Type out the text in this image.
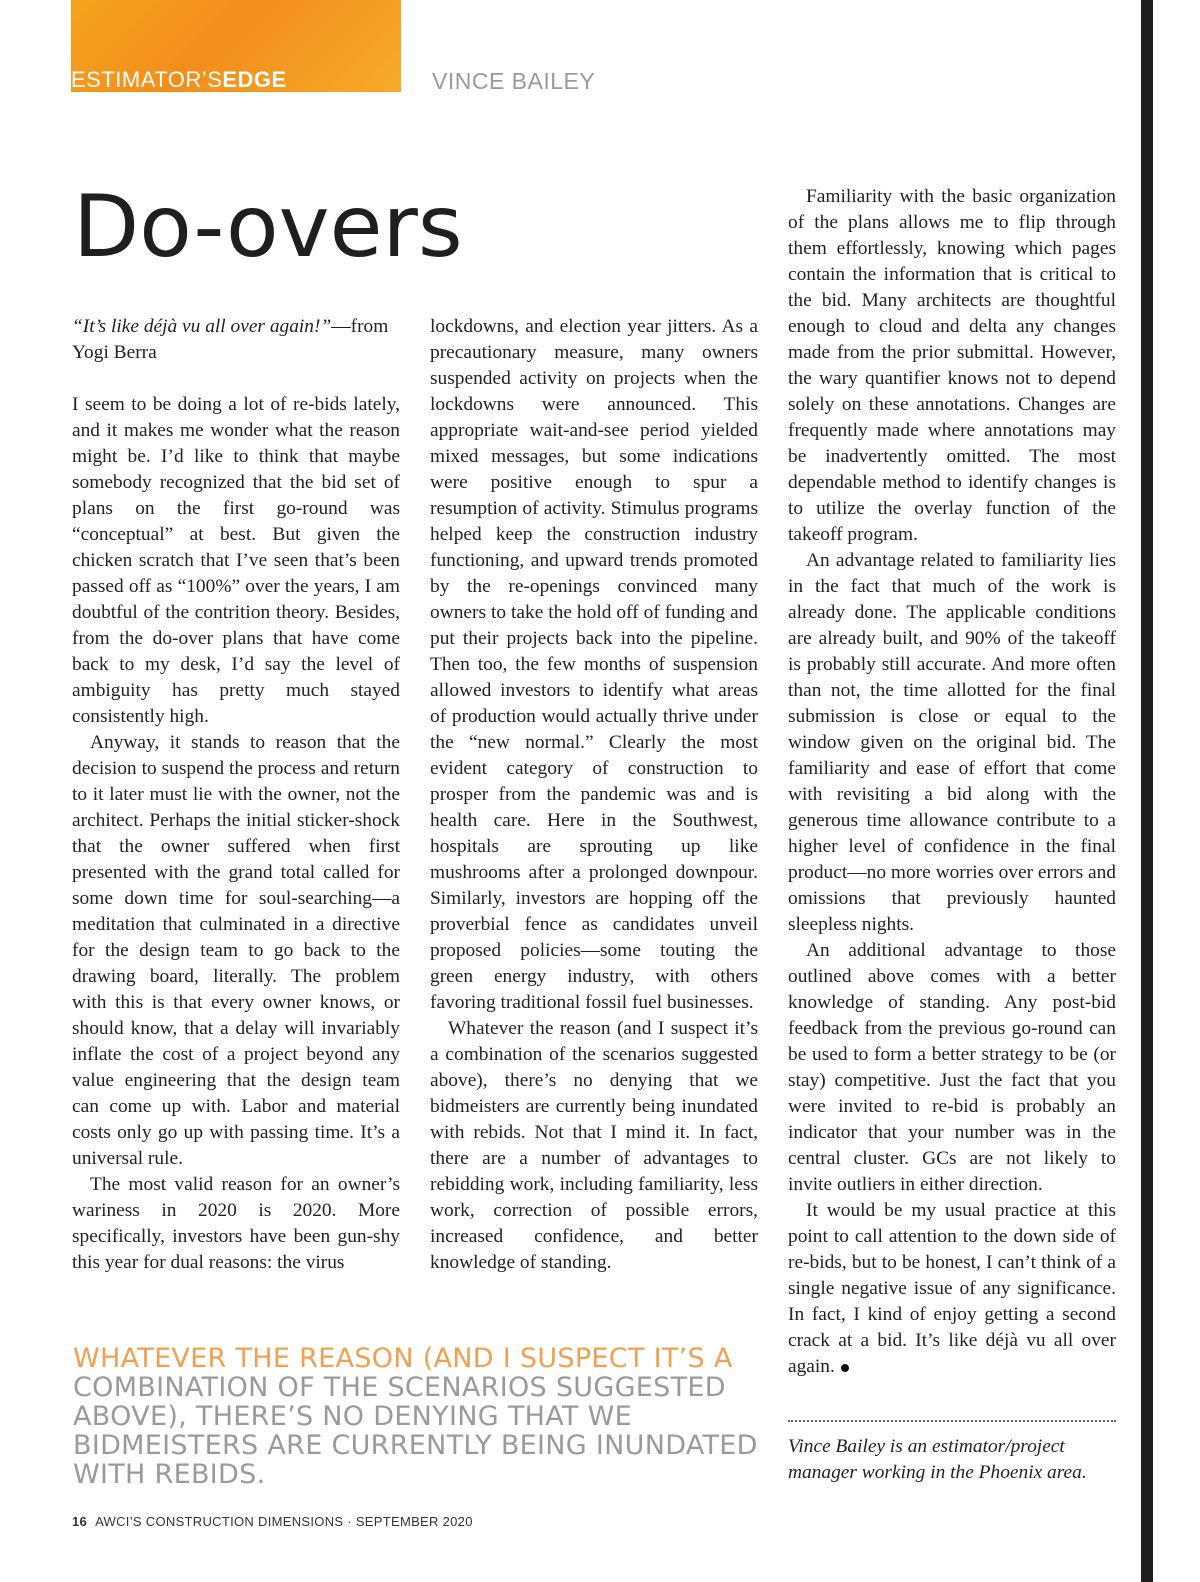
ESTIMATOR’SEDGE	VINCE BAILEY
Do-overs

“It’s like déjà vu all over again!”—from Yogi Berra

I seem to be doing a lot of re-bids lately, and it makes me wonder what the reason might be. I’d like to think that maybe somebody recognized that the bid set of plans on the first go-round was “conceptual” at best. But given the chicken scratch that I’ve seen that’s been passed off as “100%” over the years, I am doubtful of the contrition theory. Besides, from the do-over plans that have come back to my desk, I’d say the level of ambiguity has pretty much stayed consistently high.

Anyway, it stands to reason that the decision to suspend the process and return to it later must lie with the owner, not the architect. Perhaps the initial sticker-shock that the owner suffered when first presented with the grand total called for some down time for soul-searching—a meditation that culminated in a directive for the design team to go back to the drawing board, literally. The problem with this is that every owner knows, or should know, that a delay will invariably inflate the cost of a project beyond any value engineering that the design team can come up with. Labor and material costs only go up with passing time. It’s a universal rule.

The most valid reason for an owner’s wariness in 2020 is 2020. More specifically, investors have been gun-shy this year for dual reasons: the virus

lockdowns, and election year jitters. As a precautionary measure, many owners suspended activity on projects when the lockdowns were announced. This appropriate wait-and-see period yielded mixed messages, but some indications were positive enough to spur a resumption of activity. Stimulus programs helped keep the construction industry functioning, and upward trends promoted by the re-openings convinced many owners to take the hold off of funding and put their projects back into the pipeline. Then too, the few months of suspension allowed investors to identify what areas of production would actually thrive under the “new normal.” Clearly the most evident category of construction to prosper from the pandemic was and is health care. Here in the Southwest, hospitals are sprouting up like mushrooms after a prolonged downpour. Similarly, investors are hopping off the proverbial fence as candidates unveil proposed policies—some touting the green energy industry, with others favoring traditional fossil fuel businesses.

Whatever the reason (and I suspect it’s a combination of the scenarios suggested above), there’s no denying that we bidmeisters are currently being inundated with rebids. Not that I mind it. In fact, there are a number of advantages to rebidding work, including familiarity, less work, correction of possible errors, increased confidence, and better knowledge of standing.

Familiarity with the basic organization of the plans allows me to flip through them effortlessly, knowing which pages contain the information that is critical to the bid. Many architects are thoughtful enough to cloud and delta any changes made from the prior submittal. However, the wary quantifier knows not to depend solely on these annotations. Changes are frequently made where annotations may be inadvertently omitted. The most dependable method to identify changes is to utilize the overlay function of the takeoff program.

An advantage related to familiarity lies in the fact that much of the work is already done. The applicable conditions are already built, and 90% of the takeoff is probably still accurate. And more often than not, the time allotted for the final submission is close or equal to the window given on the original bid. The familiarity and ease of effort that come with revisiting a bid along with the generous time allowance contribute to a higher level of confidence in the final product—no more worries over errors and omissions that previously haunted sleepless nights.

An additional advantage to those outlined above comes with a better knowledge of standing. Any post-bid feedback from the previous go-round can be used to form a better strategy to be (or stay) competitive. Just the fact that you were invited to re-bid is probably an indicator that your number was in the central cluster. GCs are not likely to invite outliers in either direction.

It would be my usual practice at this point to call attention to the down side of re-bids, but to be honest, I can’t think of a single negative issue of any significance. In fact, I kind of enjoy getting a second crack at a bid. It’s like déjà vu all over again.

WHATEVER THE REASON (AND I SUSPECT IT’S A COMBINATION OF THE SCENARIOS SUGGESTED ABOVE), THERE’S NO DENYING THAT WE BIDMEISTERS ARE CURRENTLY BEING INUNDATED WITH REBIDS.
Vince Bailey is an estimator/project manager working in the Phoenix area.
16 AWCI’S CONSTRUCTION DIMENSIONS · SEPTEMBER 2020
